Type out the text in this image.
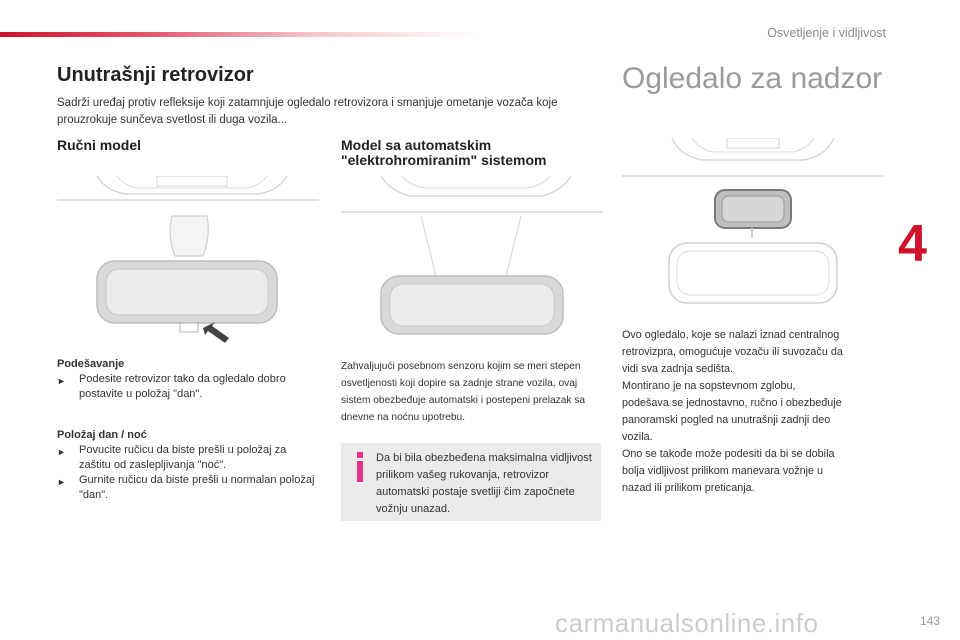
Osvetljenje i vidljivost
4
Unutrašnji retrovizor
Sadrži uređaj protiv refleksije koji zatamnjuje ogledalo retrovizora i smanjuje ometanje vozača koje prouzrokuje sunčeva svetlost ili duga vozila...
Ručni model	Model sa automatskim
"elektrohromiranim" sistemom
Ogledalo za nadzor
Podešavanje
►	Podesite retrovizor tako da ogledalo dobro postavite u položaj "dan".
Položaj dan / noć
►	Povucite ručicu da biste prešli u položaj za zaštitu od zaslepljivanja "noć".
►	Gurnite ručicu da biste prešli u normalan položaj "dan".
Zahvaljujući posebnom senzoru kojim se meri stepen osvetljenosti koji dopire sa zadnje strane vozila, ovaj sistem obezbeđuje automatski i postepeni prelazak sa dnevne na noćnu upotrebu.
Da bi bila obezbeđena maksimalna vidljivost prilikom vašeg rukovanja, retrovizor automatski postaje svetliji čim započnete vožnju unazad.
Ovo ogledalo, koje se nalazi iznad centralnog
retrovizpra, omogućuje vozaču ili suvozaču da
vidi sva zadnja sedišta.
Montirano je na sopstevnom zglobu,
podešava se jednostavno, ručno i obezbeđuje
panoramski pogled na unutrašnji zadnji deo
vozila.
Ono se takođe može podesiti da bi se dobila
bolja vidljivost prilikom manevara vožnje u
nazad ili prilikom preticanja.
carmanualsonline.info	143
